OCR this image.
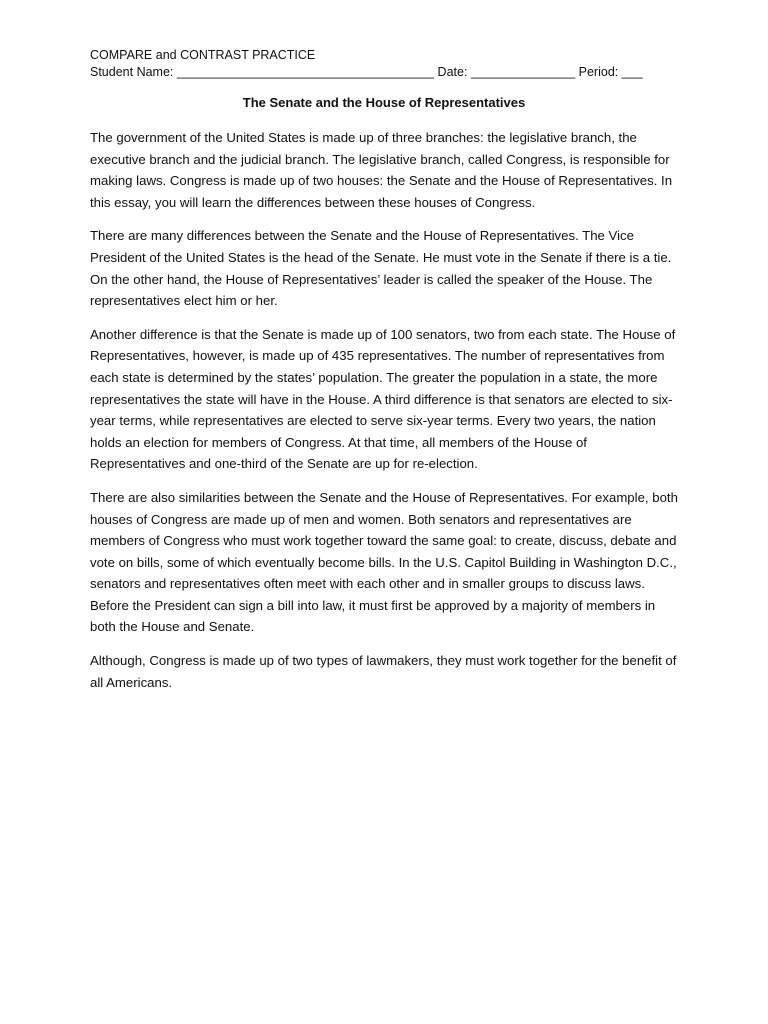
COMPARE and CONTRAST PRACTICE
Student Name: _____________________________________ Date: _______________ Period: ___
The Senate and the House of Representatives

The government of the United States is made up of three branches: the legislative branch, the executive branch and the judicial branch. The legislative branch, called Congress, is responsible for making laws. Congress is made up of two houses: the Senate and the House of Representatives. In this essay, you will learn the differences between these houses of Congress.

There are many differences between the Senate and the House of Representatives. The Vice President of the United States is the head of the Senate. He must vote in the Senate if there is a tie. On the other hand, the House of Representatives’ leader is called the speaker of the House. The representatives elect him or her.

Another difference is that the Senate is made up of 100 senators, two from each state. The House of Representatives, however, is made up of 435 representatives. The number of representatives from each state is determined by the states’ population. The greater the population in a state, the more representatives the state will have in the House. A third difference is that senators are elected to six-year terms, while representatives are elected to serve six-year terms. Every two years, the nation holds an election for members of Congress. At that time, all members of the House of Representatives and one-third of the Senate are up for re-election.

There are also similarities between the Senate and the House of Representatives. For example, both houses of Congress are made up of men and women. Both senators and representatives are members of Congress who must work together toward the same goal: to create, discuss, debate and vote on bills, some of which eventually become bills. In the U.S. Capitol Building in Washington D.C., senators and representatives often meet with each other and in smaller groups to discuss laws. Before the President can sign a bill into law, it must first be approved by a majority of members in both the House and Senate.

Although, Congress is made up of two types of lawmakers, they must work together for the benefit of all Americans.
